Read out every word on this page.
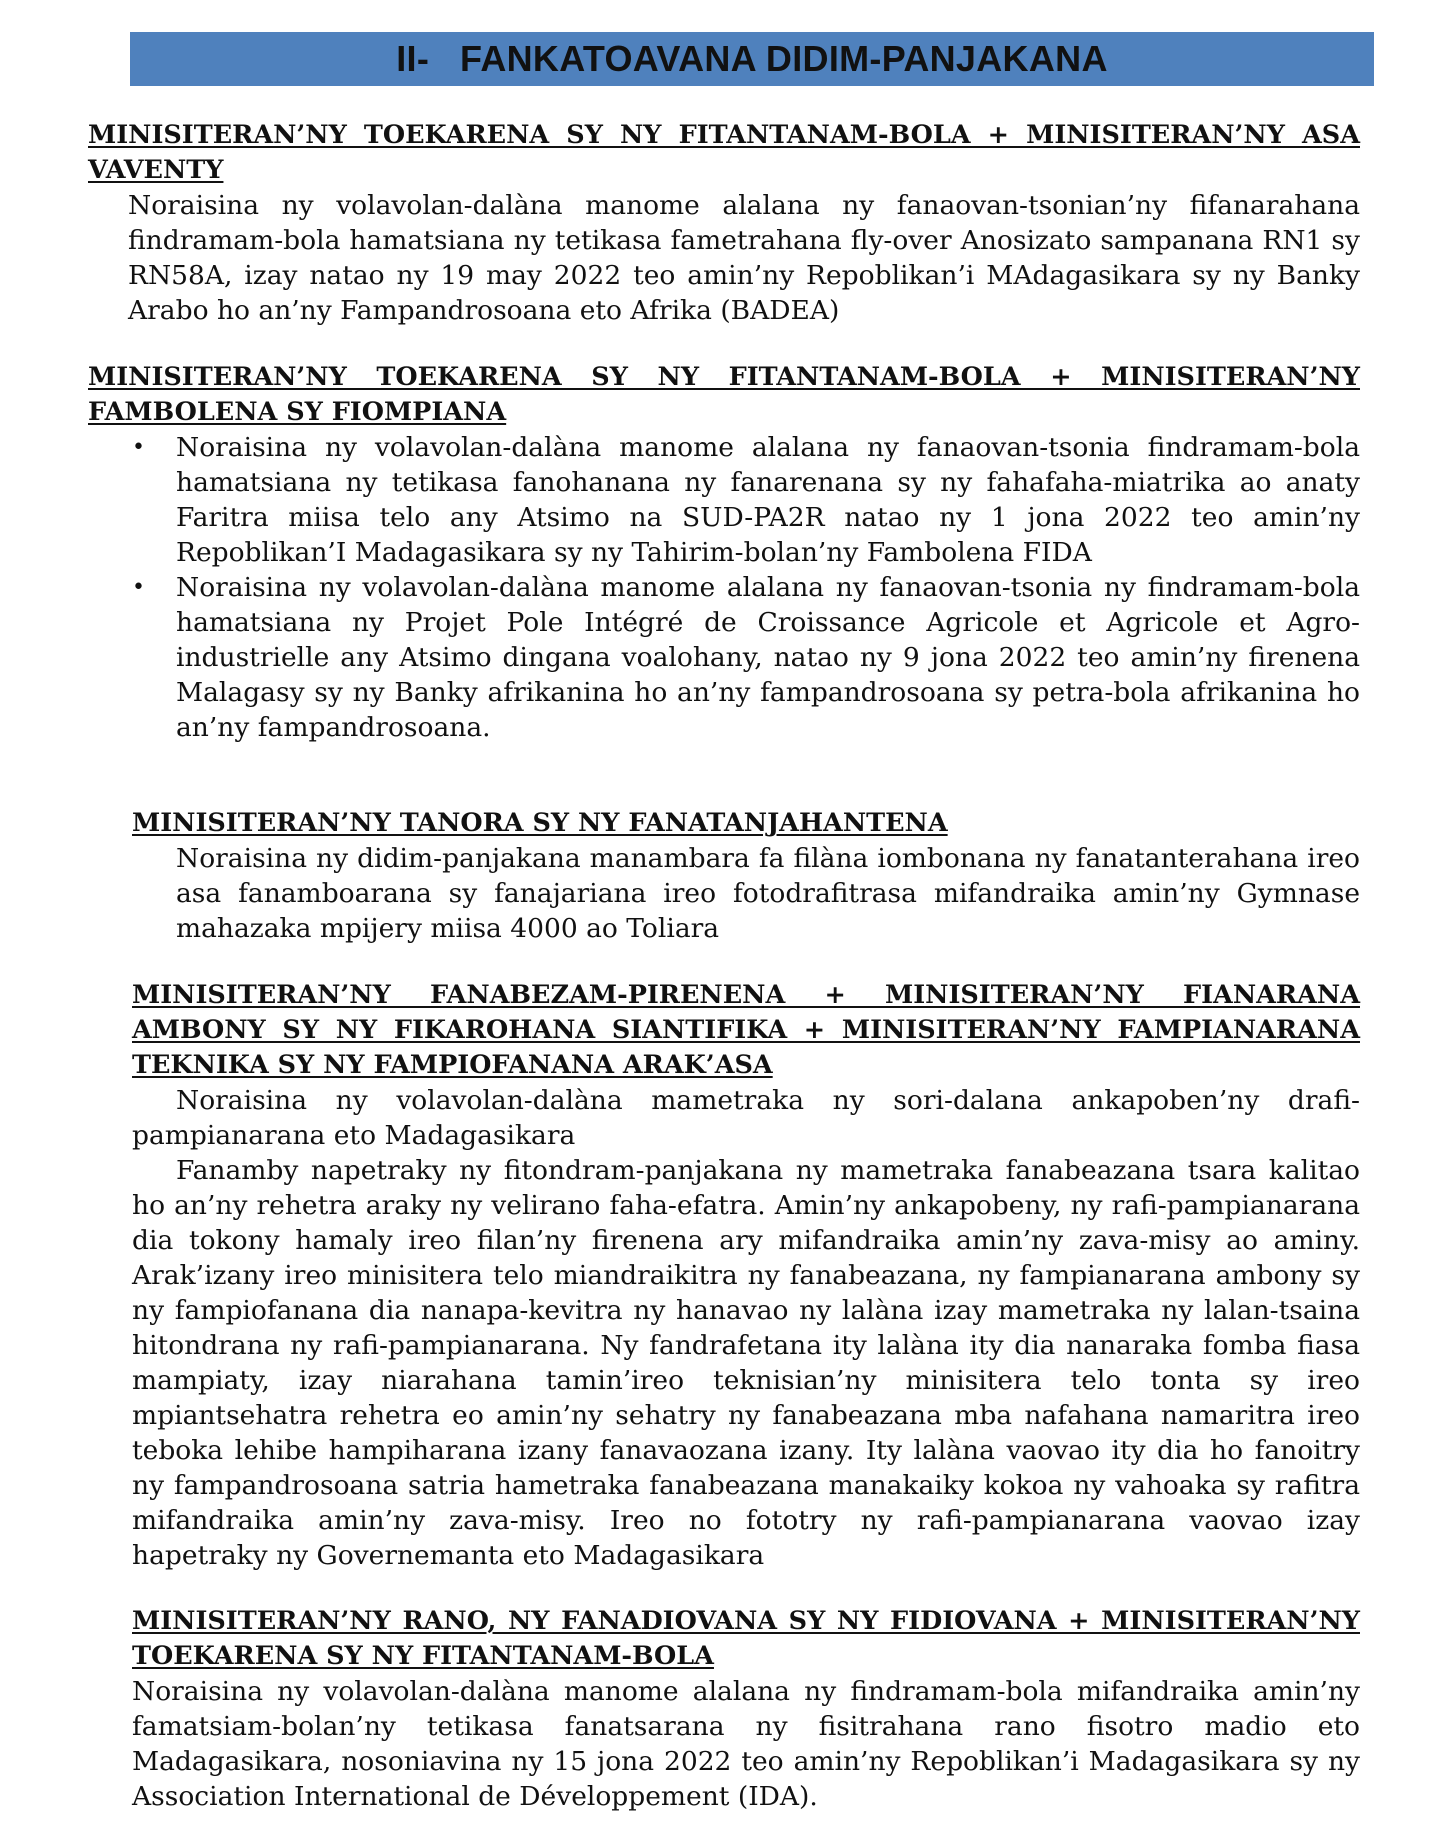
II-   FANKATOAVANA DIDIM-PANJAKANA
MINISITERAN’NY TOEKARENA SY NY FITANTANAM-BOLA + MINISITERAN’NY ASA VAVENTY

Noraisina ny volavolan-dalàna manome alalana ny fanaovan-tsonian’ny fifanarahana findramam-bola hamatsiana ny tetikasa fametrahana fly-over Anosizato sampanana RN1 sy RN58A, izay natao ny 19 may 2022 teo amin’ny Repoblikan’i MAdagasikara sy ny Banky Arabo ho an’ny Fampandrosoana eto Afrika (BADEA)

MINISITERAN’NY TOEKARENA SY NY FITANTANAM-BOLA + MINISITERAN’NY FAMBOLENA SY FIOMPIANA
• Noraisina ny volavolan-dalàna manome alalana ny fanaovan-tsonia findramam-bola hamatsiana ny tetikasa fanohanana ny fanarenana sy ny fahafaha-miatrika ao anaty Faritra miisa telo any Atsimo na SUD-PA2R natao ny 1 jona 2022 teo amin’ny Repoblikan’I Madagasikara sy ny Tahirim-bolan’ny Fambolena FIDA

• Noraisina ny volavolan-dalàna manome alalana ny fanaovan-tsonia ny findramam-bola hamatsiana ny Projet Pole Intégré de Croissance Agricole et Agricole et Agro-industrielle any Atsimo dingana voalohany, natao ny 9 jona 2022 teo amin’ny firenena Malagasy sy ny Banky afrikanina ho an’ny fampandrosoana sy petra-bola afrikanina ho an’ny fampandrosoana.

MINISITERAN’NY TANORA SY NY FANATANJAHANTENA

Noraisina ny didim-panjakana manambara fa filàna iombonana ny fanatanterahana ireo asa fanamboarana sy fanajariana ireo fotodrafitrasa mifandraika amin’ny Gymnase mahazaka mpijery miisa 4000 ao Toliara

MINISITERAN’NY FANABEZAM-PIRENENA + MINISITERAN’NY FIANARANA AMBONY SY NY FIKAROHANA SIANTIFIKA + MINISITERAN’NY FAMPIANARANA TEKNIKA SY NY FAMPIOFANANA ARAK’ASA

Noraisina ny volavolan-dalàna mametraka ny sori-dalana ankapoben’ny drafi-pampianarana eto Madagasikara

Fanamby napetraky ny fitondram-panjakana ny mametraka fanabeazana tsara kalitao ho an’ny rehetra araky ny velirano faha-efatra. Amin’ny ankapobeny, ny rafi-pampianarana dia tokony hamaly ireo filan’ny firenena ary mifandraika amin’ny zava-misy ao aminy. Arak’izany ireo minisitera telo miandraikitra ny fanabeazana, ny fampianarana ambony sy ny fampiofanana dia nanapa-kevitra ny hanavao ny lalàna izay mametraka ny lalan-tsaina hitondrana ny rafi-pampianarana. Ny fandrafetana ity lalàna ity dia nanaraka fomba fiasa mampiaty, izay niarahana tamin’ireo teknisian’ny minisitera telo tonta sy ireo mpiantsehatra rehetra eo amin’ny sehatry ny fanabeazana mba nafahana namaritra ireo teboka lehibe hampiharana izany fanavaozana izany. Ity lalàna vaovao ity dia ho fanoitry ny fampandrosoana satria hametraka fanabeazana manakaiky kokoa ny vahoaka sy rafitra mifandraika amin’ny zava-misy. Ireo no fototry ny rafi-pampianarana vaovao izay hapetraky ny Governemanta eto Madagasikara

MINISITERAN’NY RANO, NY FANADIOVANA SY NY FIDIOVANA + MINISITERAN’NY TOEKARENA SY NY FITANTANAM-BOLA

Noraisina ny volavolan-dalàna manome alalana ny findramam-bola mifandraika amin’ny famatsiam-bolan’ny tetikasa fanatsarana ny fisitrahana rano fisotro madio eto Madagasikara, nosoniavina ny 15 jona 2022 teo amin’ny Repoblikan’i Madagasikara sy ny Association International de Développement (IDA).
